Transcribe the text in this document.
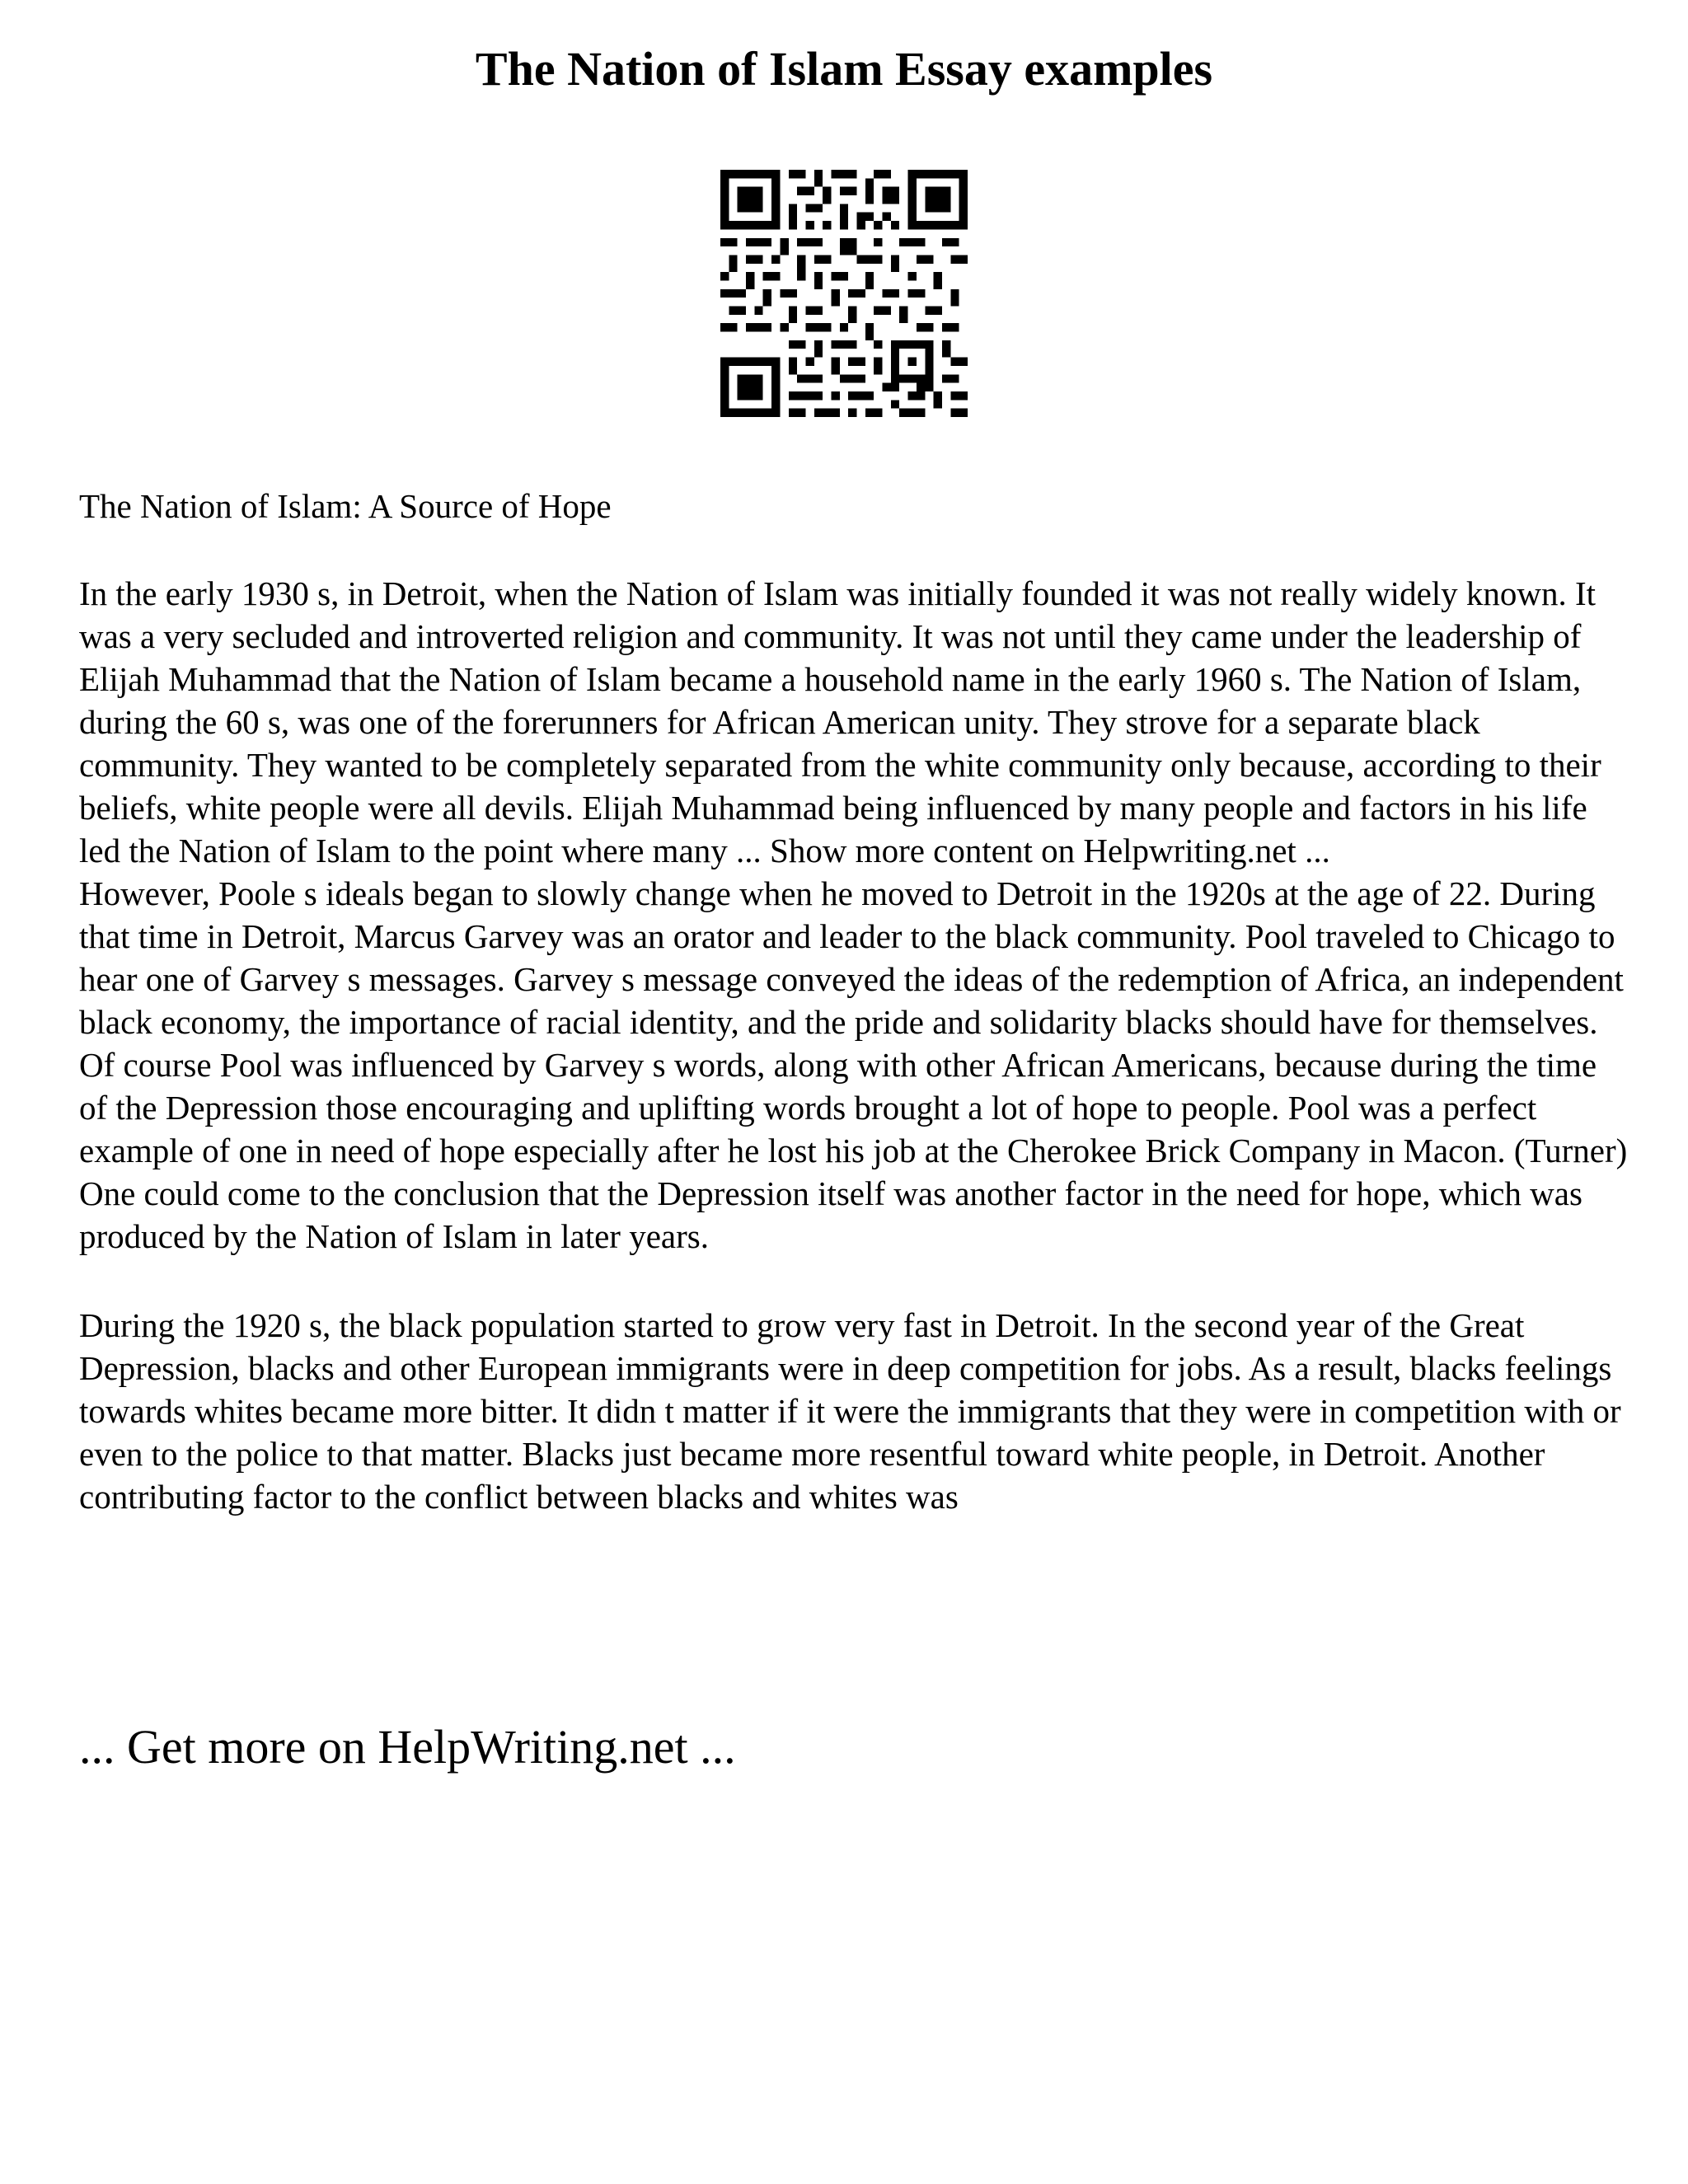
The Nation of Islam Essay examples

The Nation of Islam: A Source of Hope

In the early 1930 s, in Detroit, when the Nation of Islam was initially founded it was not really widely known. It was a very secluded and introverted religion and community. It was not until they came under the leadership of Elijah Muhammad that the Nation of Islam became a household name in the early 1960 s. The Nation of Islam, during the 60 s, was one of the forerunners for African American unity. They strove for a separate black community. They wanted to be completely separated from the white community only because, according to their beliefs, white people were all devils. Elijah Muhammad being influenced by many people and factors in his life led the Nation of Islam to the point where many ... Show more content on Helpwriting.net ...
However, Poole s ideals began to slowly change when he moved to Detroit in the 1920s at the age of 22. During that time in Detroit, Marcus Garvey was an orator and leader to the black community. Pool traveled to Chicago to hear one of Garvey s messages. Garvey s message conveyed the ideas of the redemption of Africa, an independent black economy, the importance of racial identity, and the pride and solidarity blacks should have for themselves. Of course Pool was influenced by Garvey s words, along with other African Americans, because during the time of the Depression those encouraging and uplifting words brought a lot of hope to people. Pool was a perfect example of one in need of hope especially after he lost his job at the Cherokee Brick Company in Macon. (Turner) One could come to the conclusion that the Depression itself was another factor in the need for hope, which was produced by the Nation of Islam in later years.

During the 1920 s, the black population started to grow very fast in Detroit. In the second year of the Great Depression, blacks and other European immigrants were in deep competition for jobs. As a result, blacks feelings towards whites became more bitter. It didn t matter if it were the immigrants that they were in competition with or even to the police to that matter. Blacks just became more resentful toward white people, in Detroit. Another contributing factor to the conflict between blacks and whites was

... Get more on HelpWriting.net ...
